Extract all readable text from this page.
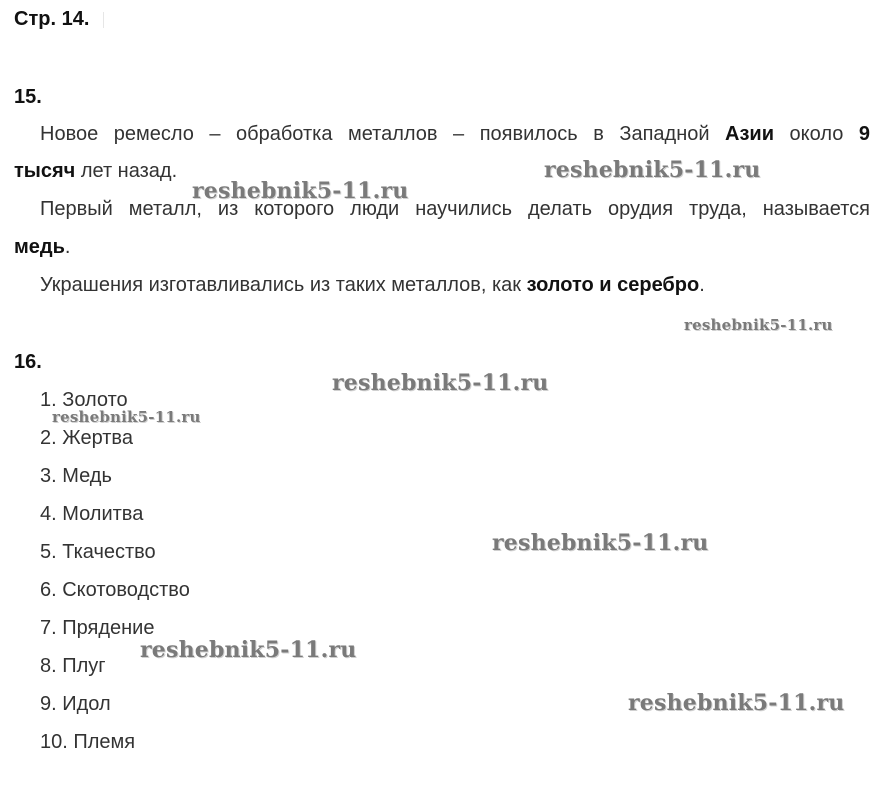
Стр. 14.
15.
Новое ремесло – обработка металлов – появилось в Западной Азии около 9
тысяч лет назад.
Первый металл, из которого люди научились делать орудия труда, называется
медь.
Украшения изготавливались из таких металлов, как золото и серебро.
16.
1. Золото
2. Жертва
3. Медь
4. Молитва
5. Ткачество
6. Скотоводство
7. Прядение
8. Плуг
9. Идол
10. Племя
reshebnik5-11.ru
reshebnik5-11.ru
reshebnik5-11.ru
reshebnik5-11.ru
reshebnik5-11.ru
reshebnik5-11.ru
reshebnik5-11.ru
reshebnik5-11.ru
